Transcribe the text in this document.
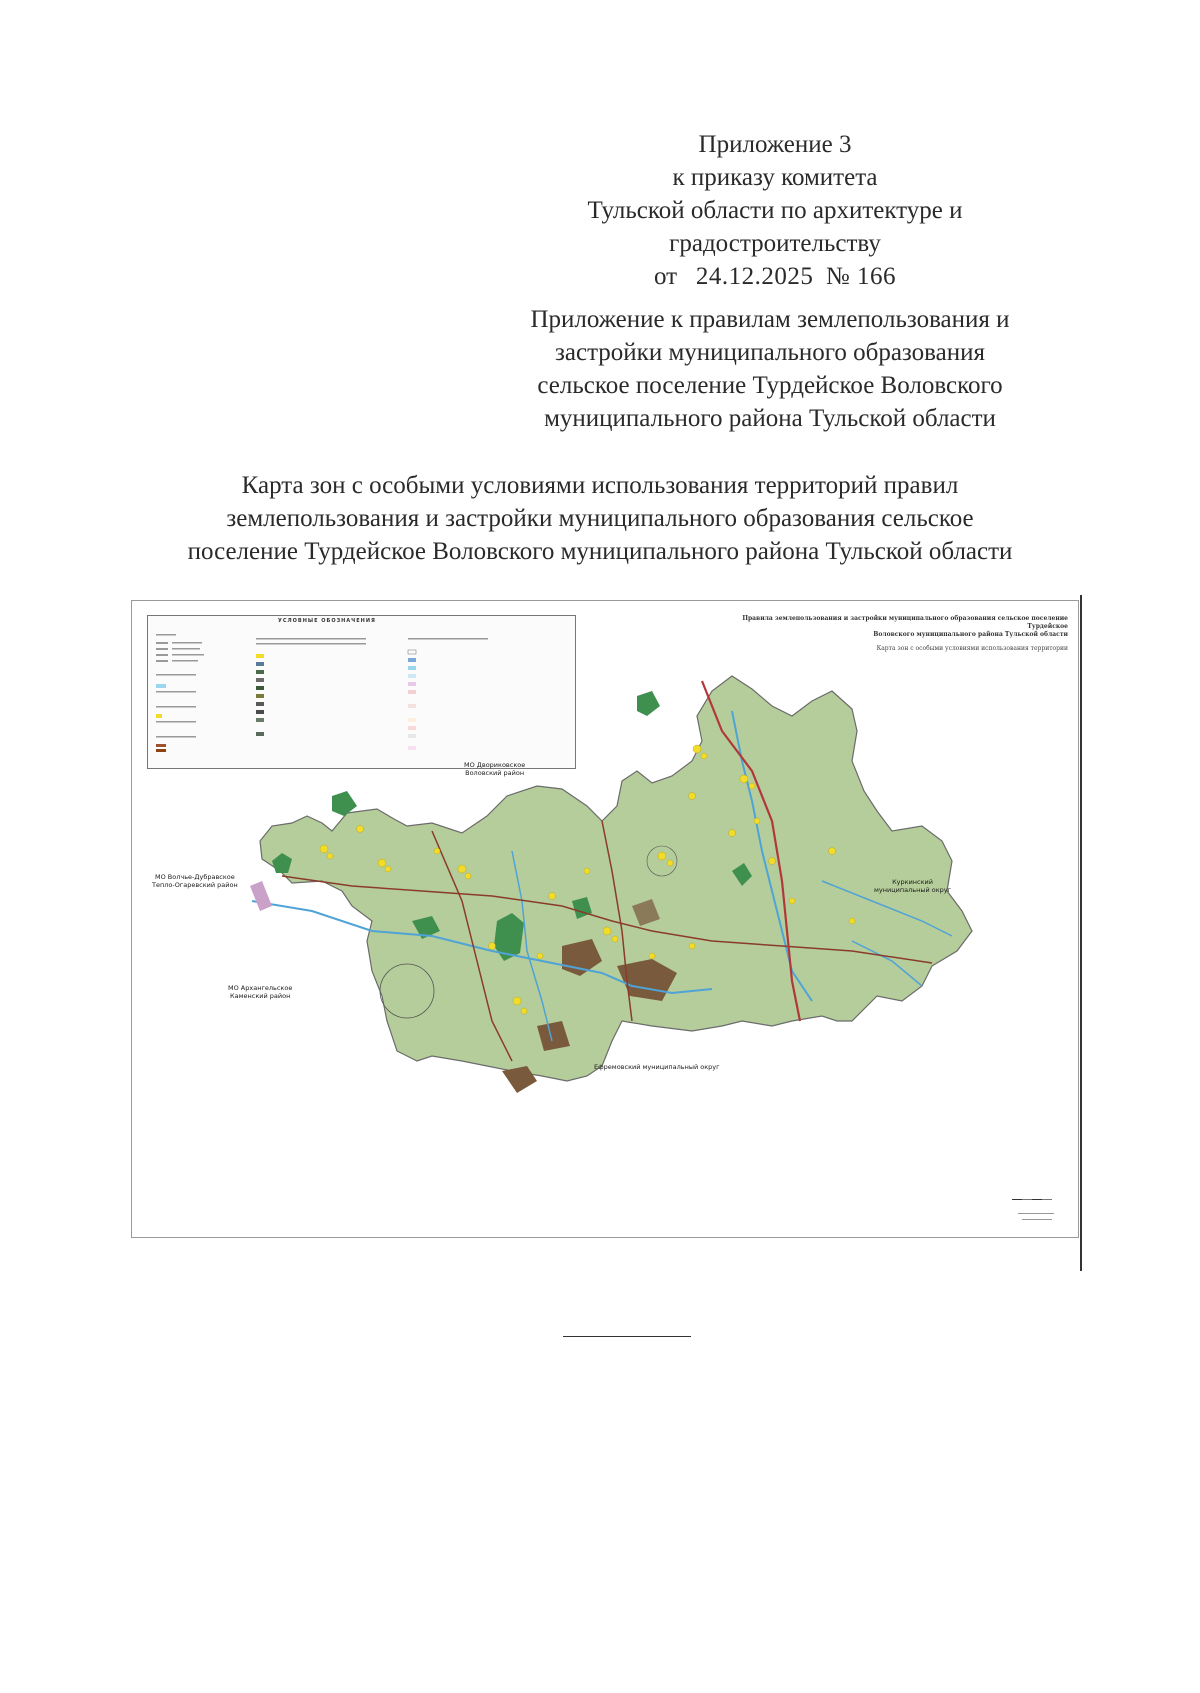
Приложение 3
к приказу комитета
Тульской области по архитектуре и
градостроительству
от 24.12.2025 № 166
Приложение к правилам землепользования и
застройки муниципального образования
сельское поселение Турдейское Воловского
муниципального района Тульской области
Карта зон с особыми условиями использования территорий правил
землепользования и застройки муниципального образования сельское
поселение Турдейское Воловского муниципального района Тульской области
УСЛОВНЫЕ ОБОЗНАЧЕНИЯ	Правила землепользования и застройки муниципального образования сельское поселение Турдейское
Воловского муниципального района Тульской области
Карта зон с особыми условиями использования территории
МО Двориковское
Воловский район
МО Волчье-Дубравское
Тепло-Огаревский район
МО Архангельское
Каменский район
Куркинский
муниципальный округ
Ефремовский муниципальный округ
